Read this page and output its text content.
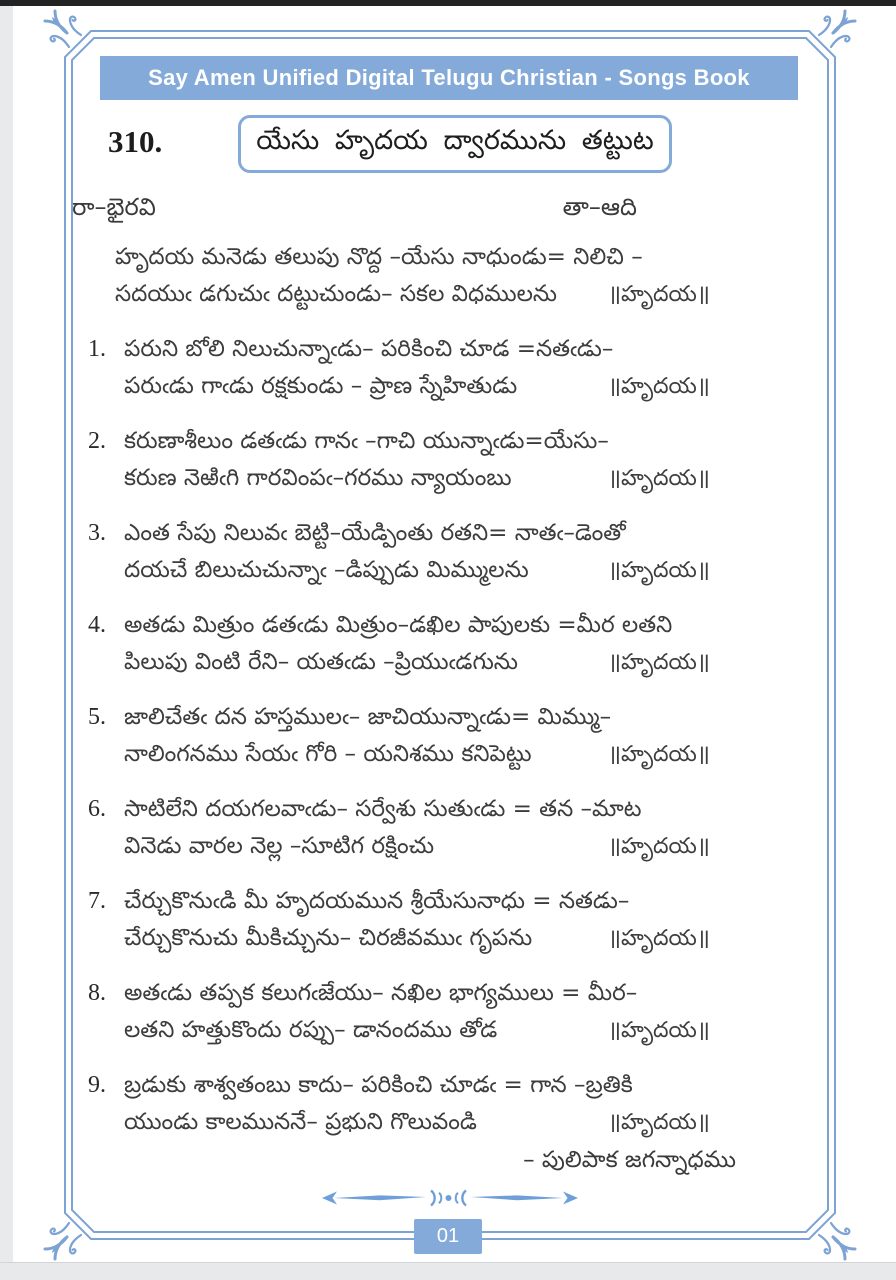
Say Amen Unified Digital Telugu Christian - Songs Book
310.	యేసు హృదయ ద్వారమును తట్టుట
రా–భైరవి	తా–ఆది
హృదయ మనెడు తలుపు నొద్ద –యేసు నాధుండు= నిలిచి –
సదయుఁ డగుచుఁ దట్టుచుండు– సకల విధములను ॥హృదయ॥
1. పరుని బోలి నిలుచున్నాఁడు– పరికించి చూడ =నతఁడు–
పరుఁడు గాఁడు రక్షకుండు – ప్రాణ స్నేహితుడు	॥హృదయ॥
2. కరుణాశీలుం డతఁడు గానఁ –గాచి యున్నాఁడు=యేసు–
కరుణ నెఱిఁగి గారవింపఁ–గరము న్యాయంబు	॥హృదయ॥
3. ఎంత సేపు నిలువఁ బెట్టి–యేడ్పింతు రతని= నాతఁ–డెంతో
దయచే బిలుచుచున్నాఁ –డిప్పుడు మిమ్ములను	॥హృదయ॥
4. అతడు మిత్రుం డతఁడు మిత్రుం–డఖిల పాపులకు =మీర లతని
పిలుపు వింటి రేని– యతఁడు –ప్రియుఁడగును	॥హృదయ॥
5. జాలిచేతఁ దన హస్తములఁ– జాచియున్నాఁడు= మిమ్ము–
నాలింగనము సేయఁ గోరి – యనిశము కనిపెట్టు	॥హృదయ॥
6. సాటిలేని దయగలవాఁడు– సర్వేశు సుతుఁడు = తన –మాట
వినెడు వారల నెల్ల –సూటిగ రక్షించు	॥హృదయ॥
7. చేర్చుకొనుఁడి మీ హృదయమున శ్రీయేసునాధు = నతడు–
చేర్చుకొనుచు మీకిచ్చును– చిరజీవముఁ గృపను	॥హృదయ॥
8. అతఁడు తప్పక కలుగఁజేయు– నఖిల భాగ్యములు = మీర–
లతని హత్తుకొందు రప్పు– డానందము తోడ	॥హృదయ॥
9. బ్రడుకు శాశ్వతంబు కాదు– పరికించి చూడఁ = గాన –బ్రతికి
యుండు కాలముననే– ప్రభుని గొలువండి	॥హృదయ॥
– పులిపాక జగన్నాధము
01
